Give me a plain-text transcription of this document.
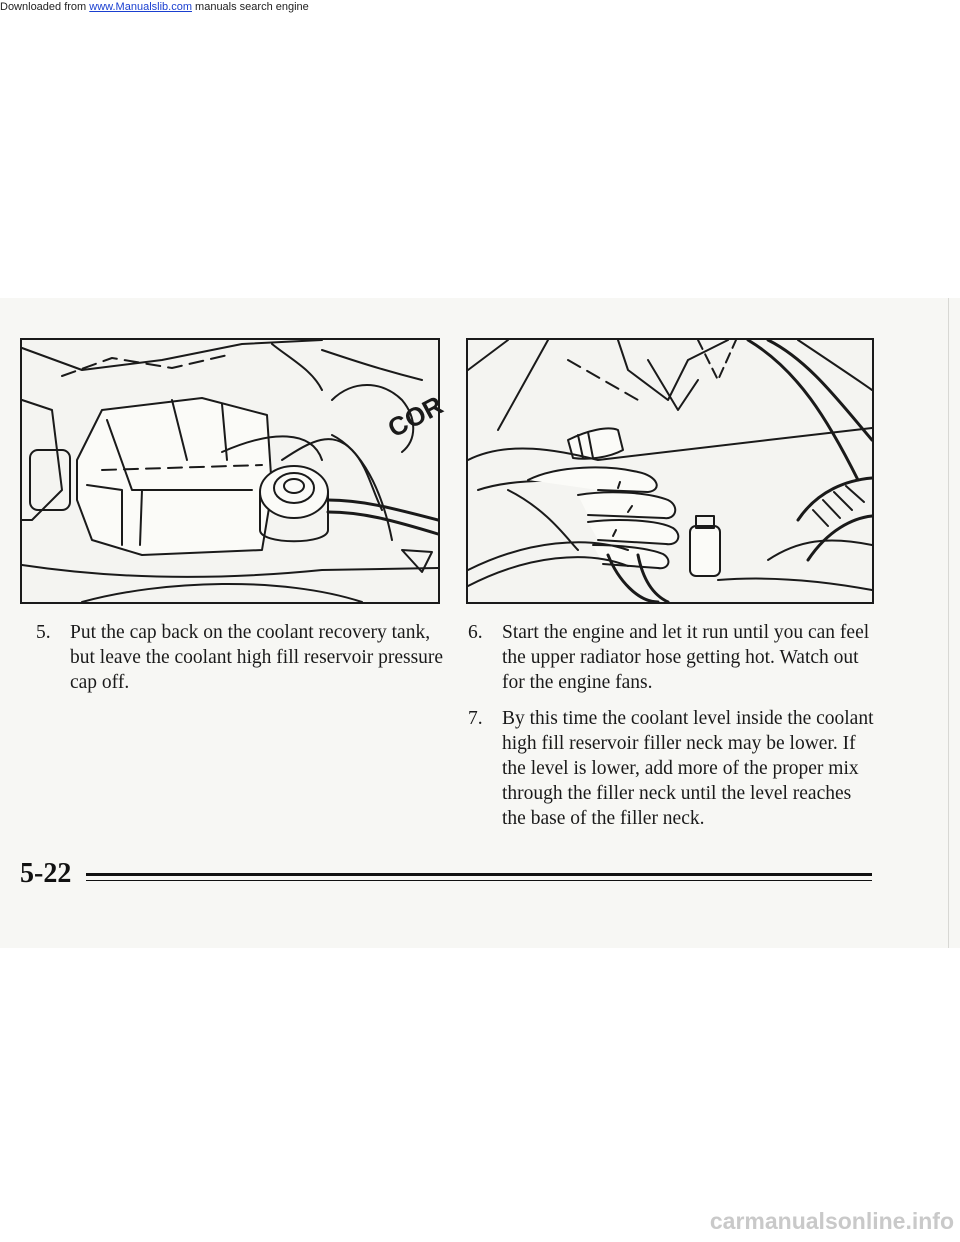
Downloaded from www.Manualslib.com manuals search engine
COR
5. Put the cap back on the coolant recovery tank, but leave the coolant high fill reservoir pressure cap off.
6. Start the engine and let it run until you can feel the upper radiator hose getting hot. Watch out for the engine fans.
7. By this time the coolant level inside the coolant high fill reservoir filler neck may be lower. If the level is lower, add more of the proper mix through the filler neck until the level reaches the base of the filler neck.
5-22
carmanualsonline.info
